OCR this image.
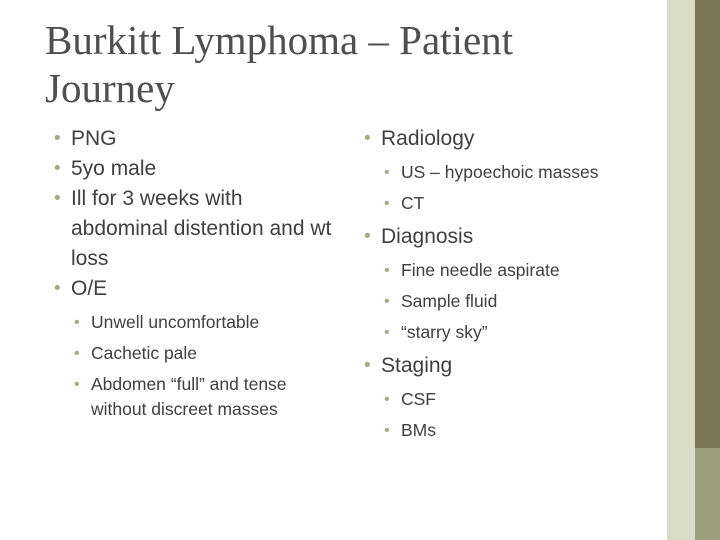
Burkitt Lymphoma – Patient Journey
• PNG
• 5yo male
• Ill for 3 weeks with abdominal distention and wt loss
• O/E
• Unwell uncomfortable
• Cachetic pale
• Abdomen “full” and tense without discreet masses
• Radiology
• US – hypoechoic masses
• CT
• Diagnosis
• Fine needle aspirate
• Sample fluid
• “starry sky”
• Staging
• CSF
• BMs
